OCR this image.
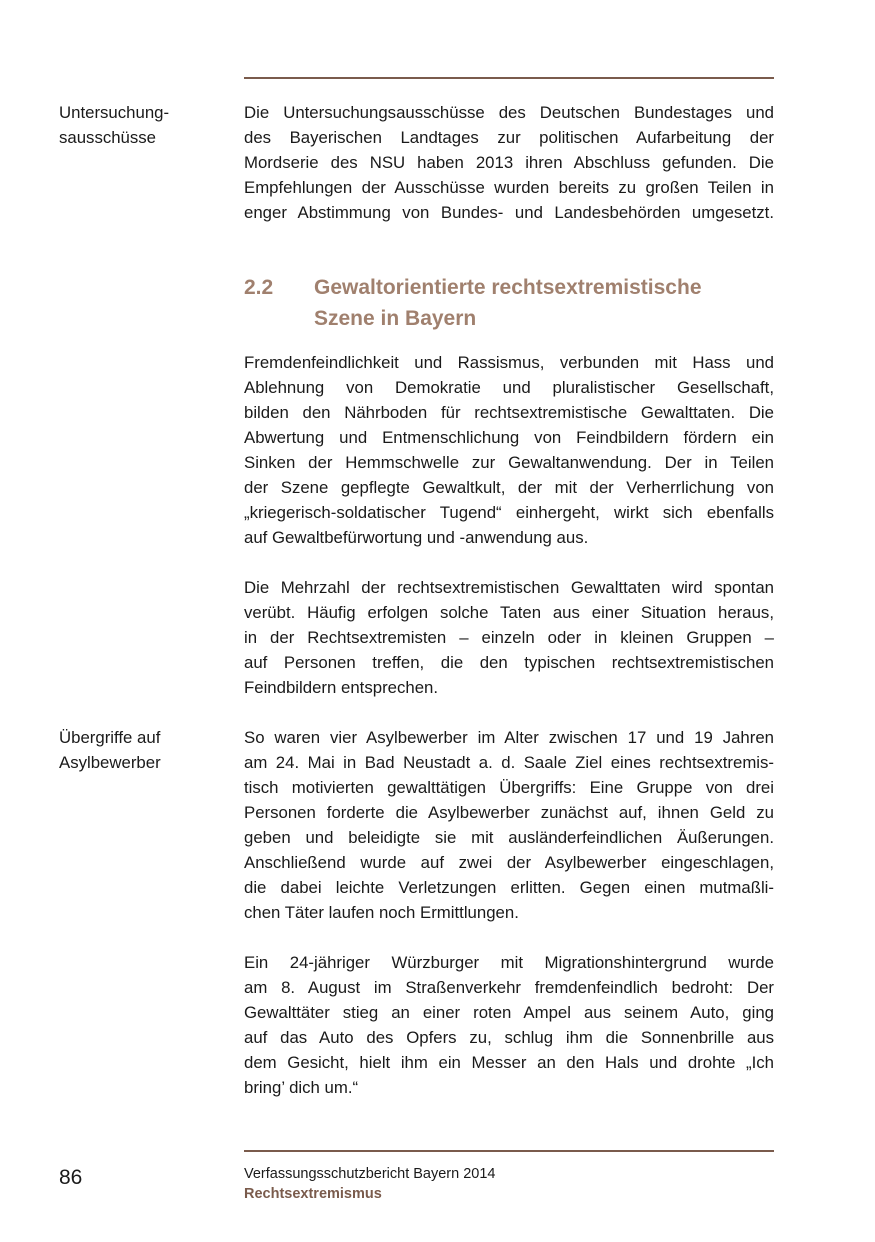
Untersuchung-
sausschüsse
Die Untersuchungsausschüsse des Deutschen Bundestages und
des Bayerischen Landtages zur politischen Aufarbeitung der
Mordserie des NSU haben 2013 ihren Abschluss gefunden. Die
Empfehlungen der Ausschüsse wurden bereits zu großen Teilen in
enger Abstimmung von Bundes- und Landesbehörden umgesetzt.
2.2 Gewaltorientierte rechtsextremistische
Szene in Bayern
Fremdenfeindlichkeit und Rassismus, verbunden mit Hass und
Ablehnung von Demokratie und pluralistischer Gesellschaft,
bilden den Nährboden für rechtsextremistische Gewalttaten. Die
Abwertung und Entmenschlichung von Feindbildern fördern ein
Sinken der Hemmschwelle zur Gewaltanwendung. Der in Teilen
der Szene gepflegte Gewaltkult, der mit der Verherrlichung von
„kriegerisch-soldatischer Tugend“ einhergeht, wirkt sich ebenfalls
auf Gewaltbefürwortung und -anwendung aus.
Die Mehrzahl der rechtsextremistischen Gewalttaten wird spontan
verübt. Häufig erfolgen solche Taten aus einer Situation heraus,
in der Rechtsextremisten – einzeln oder in kleinen Gruppen –
auf Personen treffen, die den typischen rechtsextremistischen
Feindbildern entsprechen.
Übergriffe auf
Asylbewerber
So waren vier Asylbewerber im Alter zwischen 17 und 19 Jahren
am 24. Mai in Bad Neustadt a. d. Saale Ziel eines rechtsextremis-
tisch motivierten gewalttätigen Übergriffs: Eine Gruppe von drei
Personen forderte die Asylbewerber zunächst auf, ihnen Geld zu
geben und beleidigte sie mit ausländerfeindlichen Äußerungen.
Anschließend wurde auf zwei der Asylbewerber eingeschlagen,
die dabei leichte Verletzungen erlitten. Gegen einen mutmaßli-
chen Täter laufen noch Ermittlungen.
Ein 24-jähriger Würzburger mit Migrationshintergrund wurde
am 8. August im Straßenverkehr fremdenfeindlich bedroht: Der
Gewalttäter stieg an einer roten Ampel aus seinem Auto, ging
auf das Auto des Opfers zu, schlug ihm die Sonnenbrille aus
dem Gesicht, hielt ihm ein Messer an den Hals und drohte „Ich
bring’ dich um.“
86	Verfassungsschutzbericht Bayern 2014
Rechtsextremismus
